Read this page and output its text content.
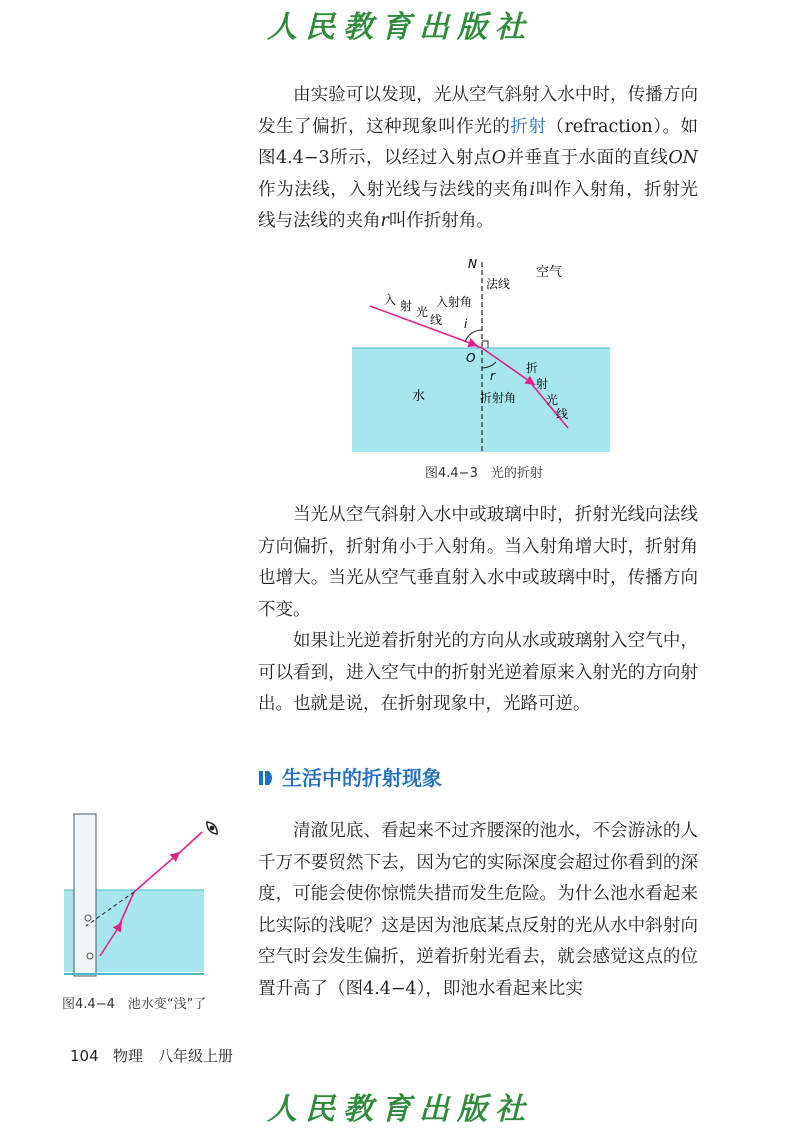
人民教育出版社

由实验可以发现，光从空气斜射入水中时，传播方向发生了偏折，这种现象叫作光的折射（refraction）。如图4.4−3所示，以经过入射点O并垂直于水面的直线ON作为法线，入射光线与法线的夹角i叫作入射角，折射光线与法线的夹角r叫作折射角。

N
法线
空气
入 射 光
线
入射角
i
O
r
水	折射角
折
射
光
线
图4.4−3　光的折射

当光从空气斜射入水中或玻璃中时，折射光线向法线方向偏折，折射角小于入射角。当入射角增大时，折射角也增大。当光从空气垂直射入水中或玻璃中时，传播方向不变。

如果让光逆着折射光的方向从水或玻璃射入空气中，可以看到，进入空气中的折射光逆着原来入射光的方向射出。也就是说，在折射现象中，光路可逆。

生活中的折射现象
图4.4−4　池水变“浅”了

清澈见底、看起来不过齐腰深的池水，不会游泳的人千万不要贸然下去，因为它的实际深度会超过你看到的深度，可能会使你惊慌失措而发生危险。为什么池水看起来比实际的浅呢？这是因为池底某点反射的光从水中斜射向空气时会发生偏折，逆着折射光看去，就会感觉这点的位置升高了（图4.4−4），即池水看起来比实

104 物理　八年级上册
人民教育出版社
